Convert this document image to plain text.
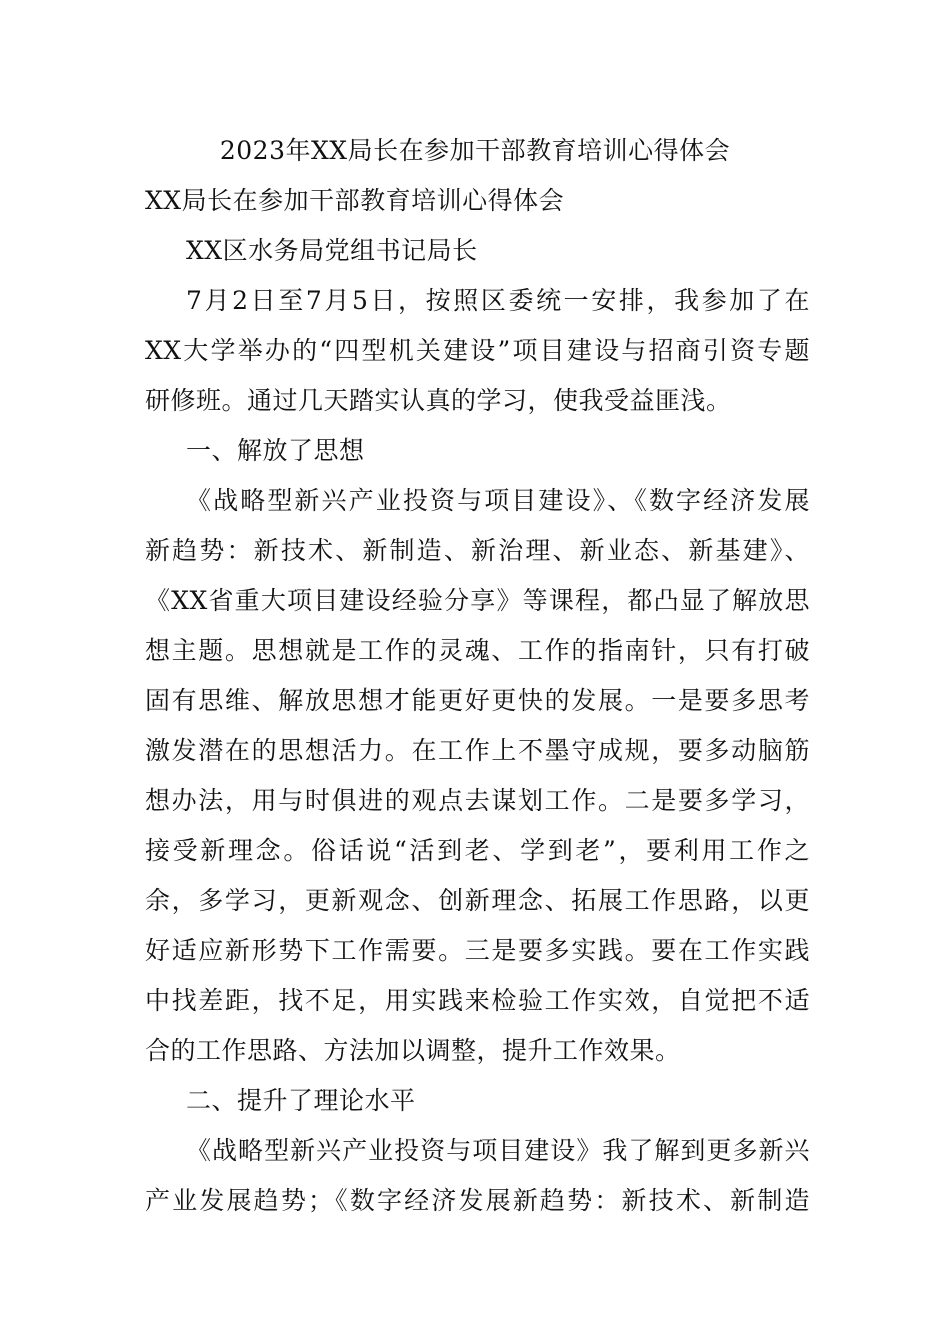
2023年XX局长在参加干部教育培训心得体会
XX局长在参加干部教育培训心得体会
XX区水务局党组书记局长
7月2日至7月5日，按照区委统一安排，我参加了在
XX大学举办的“四型机关建设”项目建设与招商引资专题
研修班。通过几天踏实认真的学习，使我受益匪浅。
一、解放了思想
《战略型新兴产业投资与项目建设》、《数字经济发展
新趋势：新技术、新制造、新治理、新业态、新基建》、
《XX省重大项目建设经验分享》等课程，都凸显了解放思
想主题。思想就是工作的灵魂、工作的指南针，只有打破
固有思维、解放思想才能更好更快的发展。一是要多思考
激发潜在的思想活力。在工作上不墨守成规，要多动脑筋
想办法，用与时俱进的观点去谋划工作。二是要多学习，
接受新理念。俗话说“活到老、学到老”，要利用工作之
余，多学习，更新观念、创新理念、拓展工作思路，以更
好适应新形势下工作需要。三是要多实践。要在工作实践
中找差距，找不足，用实践来检验工作实效，自觉把不适
合的工作思路、方法加以调整，提升工作效果。
二、提升了理论水平
《战略型新兴产业投资与项目建设》我了解到更多新兴
产业发展趋势；《数字经济发展新趋势：新技术、新制造
